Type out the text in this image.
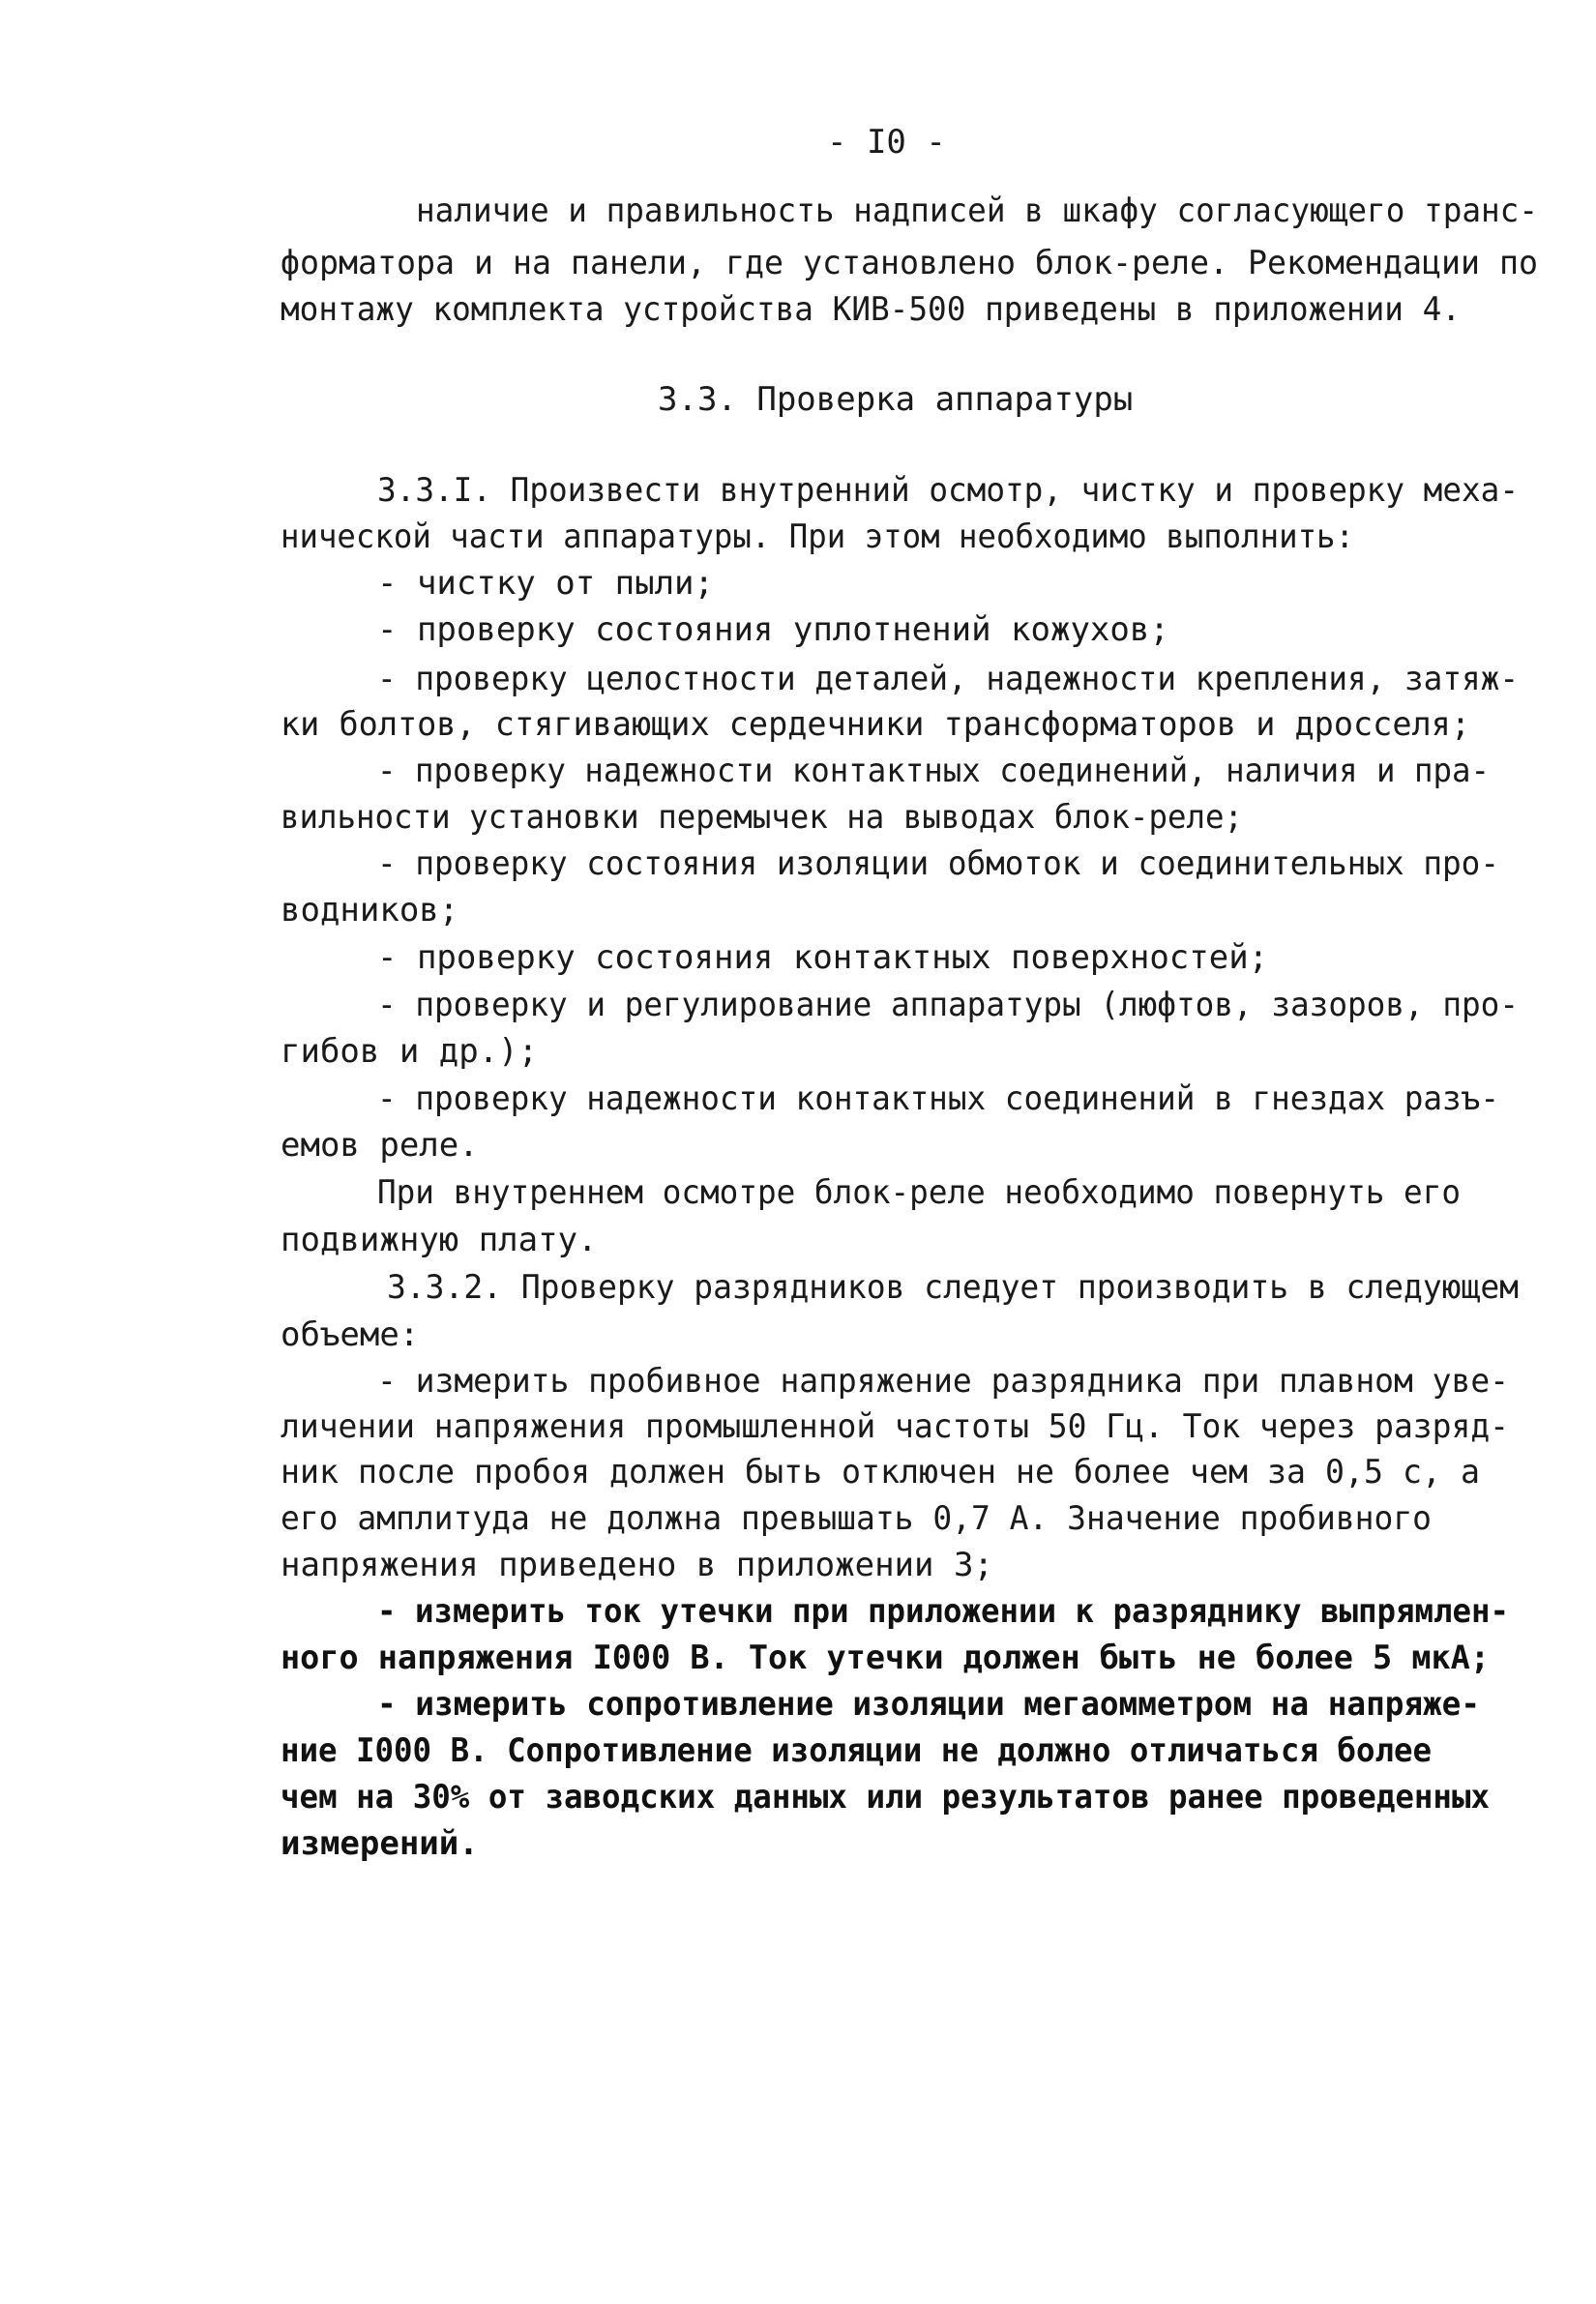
- I0 -

наличие и правильность надписей в шкафу согласующего транс-

форматора и на панели, где установлено блок-реле. Рекомендации по

монтажу комплекта устройства КИВ-500 приведены в приложении 4.

3.3. Проверка аппаратуры

3.3.I. Произвести внутренний осмотр, чистку и проверку меха-

нической части аппаратуры. При этом необходимо выполнить:

- чистку от пыли;

- проверку состояния уплотнений кожухов;

- проверку целостности деталей, надежности крепления, затяж-

ки болтов, стягивающих сердечники трансформаторов и дросселя;

- проверку надежности контактных соединений, наличия и пра-

вильности установки перемычек на выводах блок-реле;

- проверку состояния изоляции обмоток и соединительных про-

водников;

- проверку состояния контактных поверхностей;

- проверку и регулирование аппаратуры (люфтов, зазоров, про-

гибов и др.);

- проверку надежности контактных соединений в гнездах разъ-

емов реле.

При внутреннем осмотре блок-реле необходимо повернуть его

подвижную плату.

3.3.2. Проверку разрядников следует производить в следующем

объеме:

- измерить пробивное напряжение разрядника при плавном уве-

личении напряжения промышленной частоты 50 Гц. Ток через разряд-

ник после пробоя должен быть отключен не более чем за 0,5 с, а

его амплитуда не должна превышать 0,7 А. Значение пробивного

напряжения приведено в приложении 3;

- измерить ток утечки при приложении к разряднику выпрямлен-

ного напряжения I000 В. Ток утечки должен быть не более 5 мкА;

- измерить сопротивление изоляции мегаомметром на напряже-

ние I000 В. Сопротивление изоляции не должно отличаться более

чем на 30% от заводских данных или результатов ранее проведенных

измерений.
